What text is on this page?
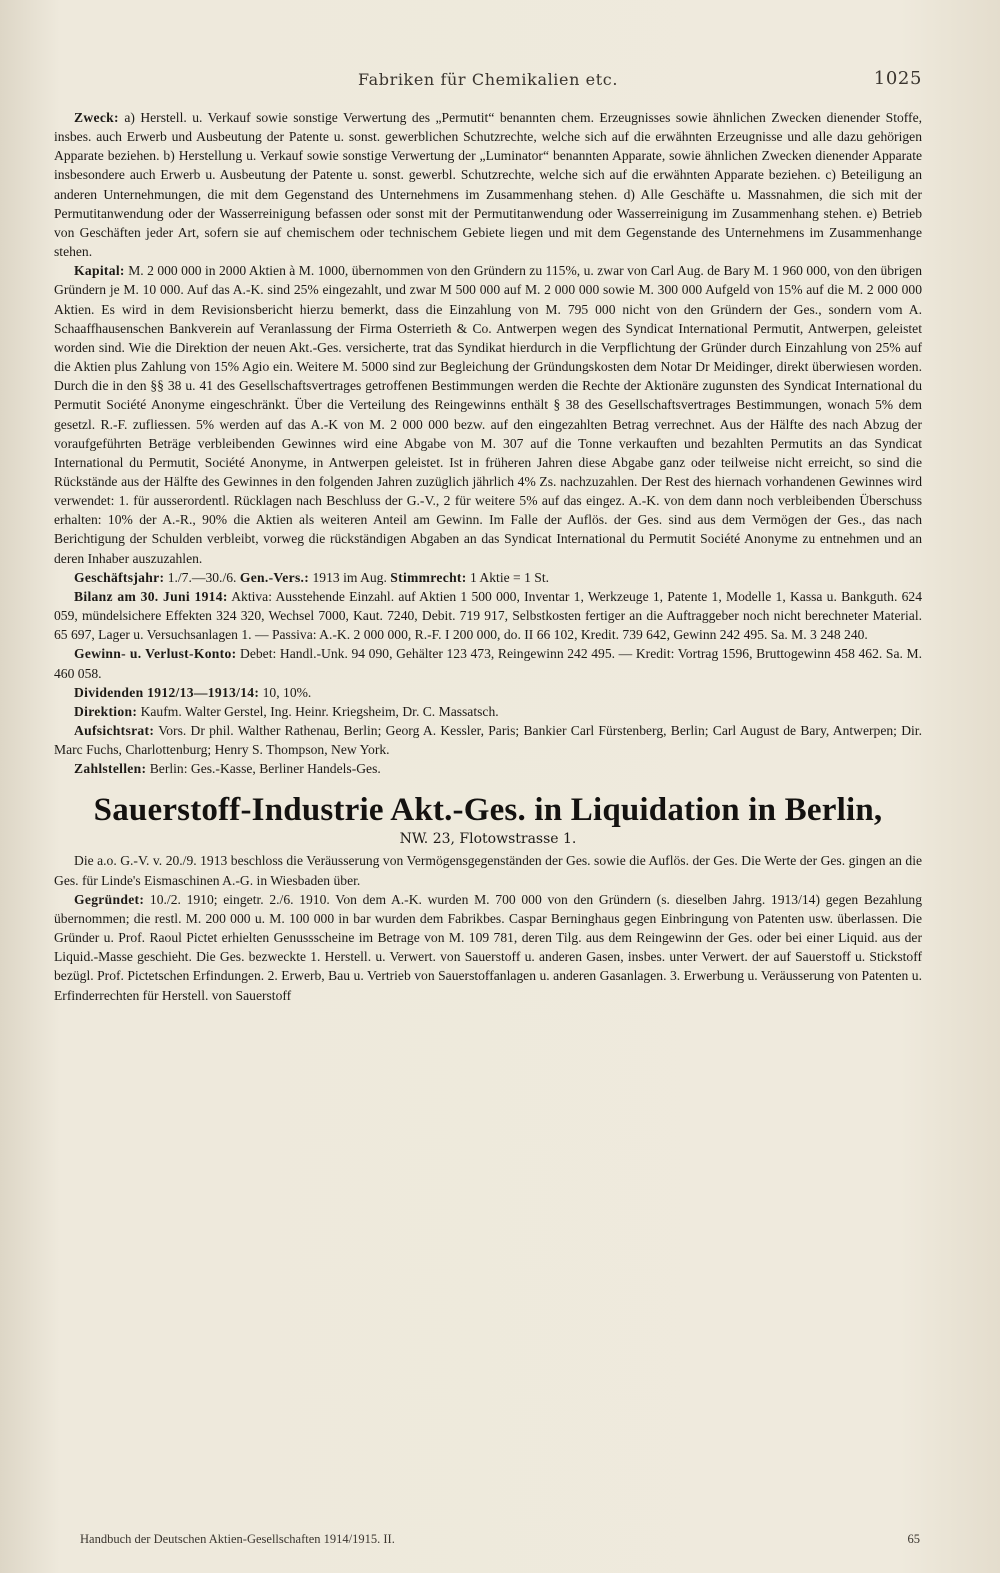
Fabriken für Chemikalien etc.	1025

Zweck: a) Herstell. u. Verkauf sowie sonstige Verwertung des „Permutit“ benannten chem. Erzeugnisses sowie ähnlichen Zwecken dienender Stoffe, insbes. auch Erwerb und Ausbeutung der Patente u. sonst. gewerblichen Schutzrechte, welche sich auf die erwähnten Erzeugnisse und alle dazu gehörigen Apparate beziehen. b) Herstellung u. Verkauf sowie sonstige Verwertung der „Luminator“ benannten Apparate, sowie ähnlichen Zwecken dienender Apparate insbesondere auch Erwerb u. Ausbeutung der Patente u. sonst. gewerbl. Schutzrechte, welche sich auf die erwähnten Apparate beziehen. c) Beteiligung an anderen Unternehmungen, die mit dem Gegenstand des Unternehmens im Zusammenhang stehen. d) Alle Geschäfte u. Massnahmen, die sich mit der Permutitanwendung oder der Wasserreinigung befassen oder sonst mit der Permutitanwendung oder Wasserreinigung im Zusammenhang stehen. e) Betrieb von Geschäften jeder Art, sofern sie auf chemischem oder technischem Gebiete liegen und mit dem Gegenstande des Unternehmens im Zusammenhange stehen.

Kapital: M. 2 000 000 in 2000 Aktien à M. 1000, übernommen von den Gründern zu 115%, u. zwar von Carl Aug. de Bary M. 1 960 000, von den übrigen Gründern je M. 10 000. Auf das A.-K. sind 25% eingezahlt, und zwar M 500 000 auf M. 2 000 000 sowie M. 300 000 Aufgeld von 15% auf die M. 2 000 000 Aktien. Es wird in dem Revisionsbericht hierzu bemerkt, dass die Einzahlung von M. 795 000 nicht von den Gründern der Ges., sondern vom A. Schaaffhausenschen Bankverein auf Veranlassung der Firma Osterrieth & Co. Antwerpen wegen des Syndicat International Permutit, Antwerpen, geleistet worden sind. Wie die Direktion der neuen Akt.-Ges. versicherte, trat das Syndikat hierdurch in die Verpflichtung der Gründer durch Einzahlung von 25% auf die Aktien plus Zahlung von 15% Agio ein. Weitere M. 5000 sind zur Begleichung der Gründungskosten dem Notar Dr Meidinger, direkt überwiesen worden. Durch die in den §§ 38 u. 41 des Gesellschaftsvertrages getroffenen Bestimmungen werden die Rechte der Aktionäre zugunsten des Syndicat International du Permutit Société Anonyme eingeschränkt. Über die Verteilung des Reingewinns enthält § 38 des Gesellschaftsvertrages Bestimmungen, wonach 5% dem gesetzl. R.-F. zufliessen. 5% werden auf das A.-K von M. 2 000 000 bezw. auf den eingezahlten Betrag verrechnet. Aus der Hälfte des nach Abzug der voraufgeführten Beträge verbleibenden Gewinnes wird eine Abgabe von M. 307 auf die Tonne verkauften und bezahlten Permutits an das Syndicat International du Permutit, Société Anonyme, in Antwerpen geleistet. Ist in früheren Jahren diese Abgabe ganz oder teilweise nicht erreicht, so sind die Rückstände aus der Hälfte des Gewinnes in den folgenden Jahren zuzüglich jährlich 4% Zs. nachzuzahlen. Der Rest des hiernach vorhandenen Gewinnes wird verwendet: 1. für ausserordentl. Rücklagen nach Beschluss der G.-V., 2 für weitere 5% auf das eingez. A.-K. von dem dann noch verbleibenden Überschuss erhalten: 10% der A.-R., 90% die Aktien als weiteren Anteil am Gewinn. Im Falle der Auflös. der Ges. sind aus dem Vermögen der Ges., das nach Berichtigung der Schulden verbleibt, vorweg die rückständigen Abgaben an das Syndicat International du Permutit Société Anonyme zu entnehmen und an deren Inhaber auszuzahlen.

Geschäftsjahr: 1./7.—30./6. Gen.-Vers.: 1913 im Aug. Stimmrecht: 1 Aktie = 1 St.

Bilanz am 30. Juni 1914: Aktiva: Ausstehende Einzahl. auf Aktien 1 500 000, Inventar 1, Werkzeuge 1, Patente 1, Modelle 1, Kassa u. Bankguth. 624 059, mündelsichere Effekten 324 320, Wechsel 7000, Kaut. 7240, Debit. 719 917, Selbstkosten fertiger an die Auftraggeber noch nicht berechneter Material. 65 697, Lager u. Versuchsanlagen 1. — Passiva: A.-K. 2 000 000, R.-F. I 200 000, do. II 66 102, Kredit. 739 642, Gewinn 242 495. Sa. M. 3 248 240.

Gewinn- u. Verlust-Konto: Debet: Handl.-Unk. 94 090, Gehälter 123 473, Reingewinn 242 495. — Kredit: Vortrag 1596, Bruttogewinn 458 462. Sa. M. 460 058.

Dividenden 1912/13—1913/14: 10, 10%.

Direktion: Kaufm. Walter Gerstel, Ing. Heinr. Kriegsheim, Dr. C. Massatsch.

Aufsichtsrat: Vors. Dr phil. Walther Rathenau, Berlin; Georg A. Kessler, Paris; Bankier Carl Fürstenberg, Berlin; Carl August de Bary, Antwerpen; Dir. Marc Fuchs, Charlottenburg; Henry S. Thompson, New York.

Zahlstellen: Berlin: Ges.-Kasse, Berliner Handels-Ges.

Sauerstoff-Industrie Akt.-Ges. in Liquidation in Berlin,
NW. 23, Flotowstrasse 1.

Die a.o. G.-V. v. 20./9. 1913 beschloss die Veräusserung von Vermögensgegenständen der Ges. sowie die Auflös. der Ges. Die Werte der Ges. gingen an die Ges. für Linde's Eismaschinen A.-G. in Wiesbaden über.

Gegründet: 10./2. 1910; eingetr. 2./6. 1910. Von dem A.-K. wurden M. 700 000 von den Gründern (s. dieselben Jahrg. 1913/14) gegen Bezahlung übernommen; die restl. M. 200 000 u. M. 100 000 in bar wurden dem Fabrikbes. Caspar Berninghaus gegen Einbringung von Patenten usw. überlassen. Die Gründer u. Prof. Raoul Pictet erhielten Genussscheine im Betrage von M. 109 781, deren Tilg. aus dem Reingewinn der Ges. oder bei einer Liquid. aus der Liquid.-Masse geschieht. Die Ges. bezweckte 1. Herstell. u. Verwert. von Sauerstoff u. anderen Gasen, insbes. unter Verwert. der auf Sauerstoff u. Stickstoff bezügl. Prof. Pictetschen Erfindungen. 2. Erwerb, Bau u. Vertrieb von Sauerstoffanlagen u. anderen Gasanlagen. 3. Erwerbung u. Veräusserung von Patenten u. Erfinderrechten für Herstell. von Sauerstoff

Handbuch der Deutschen Aktien-Gesellschaften 1914/1915. II.	65
